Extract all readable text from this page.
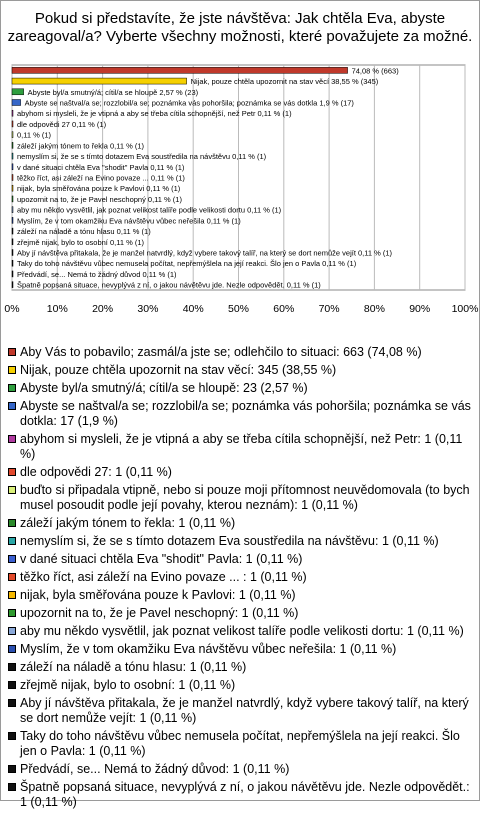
Pokud si představíte, že jste návštěva: Jak chtěla Eva, abyste zareagoval/a? Vyberte všechny možnosti, které považujete za možné.
0%	10% 20% 30% 40% 50% 60% 70% 80% 90% 100%
74,08 % (663)
Nijak, pouze chtěla upozornit na stav věcí 38,55 % (345)
Abyste byl/a smutný/á; cítil/a se hloupě 2,57 % (23)
Abyste se naštval/a se; rozzlobil/a se; poznámka vás pohoršila; poznámka se vás dotkla 1,9 % (17)
abyhom si mysleli, že je vtipná a aby se třeba cítila schopnější, než Petr 0,11 % (1)
dle odpovědi 27 0,11 % (1)
0,11 % (1)
záleží jakým tónem to řekla 0,11 % (1)
nemyslím si, že se s tímto dotazem Eva soustředila na návštěvu 0,11 % (1)
v dané situaci chtěla Eva "shodit" Pavla 0,11 % (1)
těžko říct, asi záleží na Evino povaze ... 0,11 % (1)
nijak, byla směřována pouze k Pavlovi 0,11 % (1)
upozornit na to, že je Pavel neschopný 0,11 % (1)
aby mu někdo vysvětlil, jak poznat velikost talíře podle velikosti dortu 0,11 % (1)
Myslím, že v tom okamžiku Eva návštěvu vůbec neřešila 0,11 % (1)
záleží na náladě a tónu hlasu 0,11 % (1)
zřejmě nijak, bylo to osobní 0,11 % (1)
Aby jí návštěva přitakala, že je manžel natvrdlý, když vybere takový talíř, na který se dort nemůže vejít 0,11 % (1)
Taky do toho návštěvu vůbec nemusela počítat, nepřemýšlela na její reakci. Šlo jen o Pavla 0,11 % (1)
Předvádí, se... Nemá to žádný důvod 0,11 % (1)
Špatně popsaná situace, nevyplývá z ní, o jakou návětěvu jde. Nezle odpovědět. 0,11 % (1)
Aby Vás to pobavilo; zasmál/a jste se; odlehčilo to situaci: 663 (74,08 %)
Nijak, pouze chtěla upozornit na stav věcí: 345 (38,55 %)
Abyste byl/a smutný/á; cítil/a se hloupě: 23 (2,57 %)
Abyste se naštval/a se; rozzlobil/a se; poznámka vás pohoršila; poznámka se vás dotkla: 17 (1,9 %)
abyhom si mysleli, že je vtipná a aby se třeba cítila schopnější, než Petr: 1 (0,11 %)
dle odpovědi 27: 1 (0,11 %)
buďto si připadala vtipně, nebo si pouze moji přítomnost neuvědomovala (to bych musel posoudit podle její povahy, kterou neznám): 1 (0,11 %)
záleží jakým tónem to řekla: 1 (0,11 %)
nemyslím si, že se s tímto dotazem Eva soustředila na návštěvu: 1 (0,11 %)
v dané situaci chtěla Eva "shodit" Pavla: 1 (0,11 %)
těžko říct, asi záleží na Evino povaze ... : 1 (0,11 %)
nijak, byla směřována pouze k Pavlovi: 1 (0,11 %)
upozornit na to, že je Pavel neschopný: 1 (0,11 %)
aby mu někdo vysvětlil, jak poznat velikost talíře podle velikosti dortu: 1 (0,11 %)
Myslím, že v tom okamžiku Eva návštěvu vůbec neřešila: 1 (0,11 %)
záleží na náladě a tónu hlasu: 1 (0,11 %)
zřejmě nijak, bylo to osobní: 1 (0,11 %)
Aby jí návštěva přitakala, že je manžel natvrdlý, když vybere takový talíř, na který se dort nemůže vejít: 1 (0,11 %)
Taky do toho návštěvu vůbec nemusela počítat, nepřemýšlela na její reakci. Šlo jen o Pavla: 1 (0,11 %)
Předvádí, se... Nemá to žádný důvod: 1 (0,11 %)
Špatně popsaná situace, nevyplývá z ní, o jakou návětěvu jde. Nezle odpovědět.: 1 (0,11 %)
